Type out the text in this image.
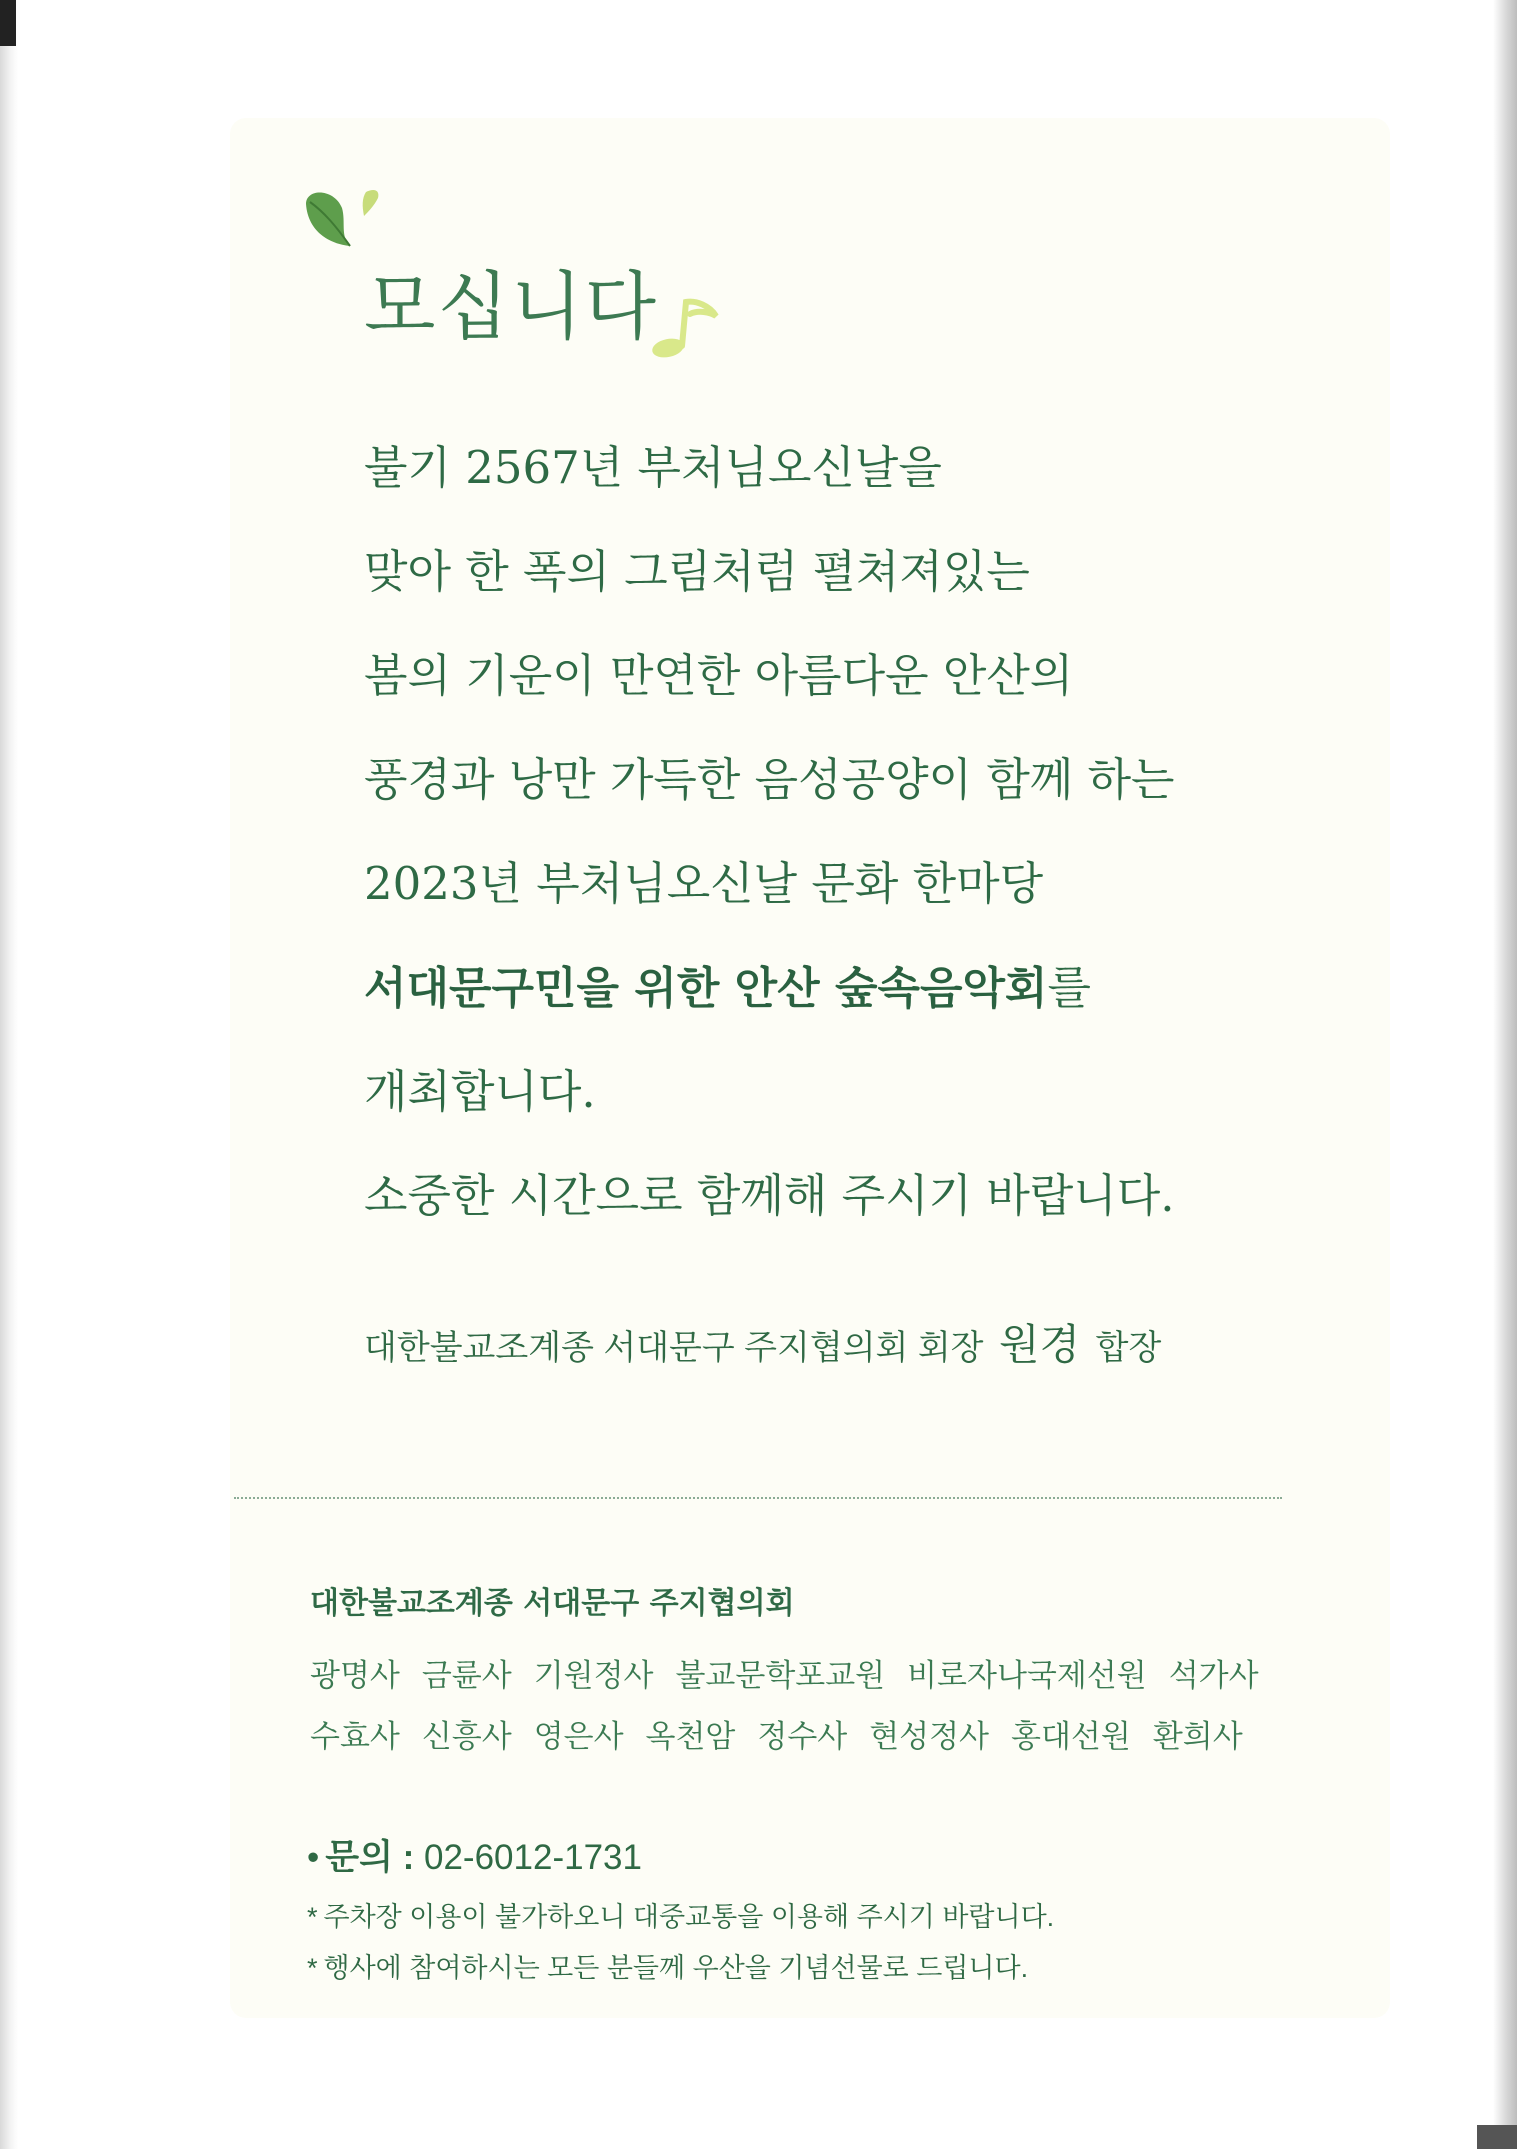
모십니다

불기 2567년 부처님오신날을

맞아 한 폭의 그림처럼 펼쳐져있는

봄의 기운이 만연한 아름다운 안산의

풍경과 낭만 가득한 음성공양이 함께 하는

2023년 부처님오신날 문화 한마당

서대문구민을 위한 안산 숲속음악회를

개최합니다.

소중한 시간으로 함께해 주시기 바랍니다.

대한불교조계종 서대문구 주지협의회 회장 원경 합장
대한불교조계종 서대문구 주지협의회
광명사 금륜사 기원정사 불교문학포교원 비로자나국제선원 석가사
수효사 신흥사 영은사 옥천암 정수사 현성정사 홍대선원 환희사
• 문의 : 02-6012-1731
* 주차장 이용이 불가하오니 대중교통을 이용해 주시기 바랍니다.
* 행사에 참여하시는 모든 분들께 우산을 기념선물로 드립니다.
